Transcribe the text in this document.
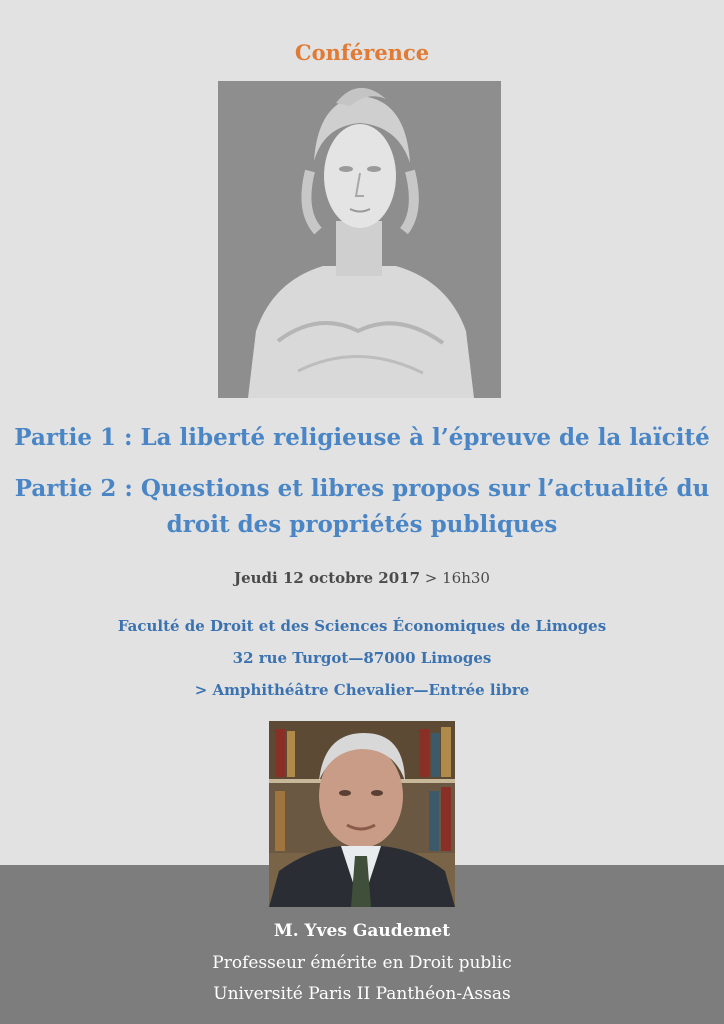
Conférence
Partie 1 : La liberté religieuse à l’épreuve de la laïcité
Partie 2 : Questions et libres propos sur l’actualité du
droit des propriétés publiques
Jeudi 12 octobre 2017 > 16h30
Faculté de Droit et des Sciences Économiques de Limoges
32 rue Turgot—87000 Limoges
> Amphithéâtre Chevalier—Entrée libre
M. Yves Gaudemet
Professeur émérite en Droit public
Université Paris II Panthéon-Assas
